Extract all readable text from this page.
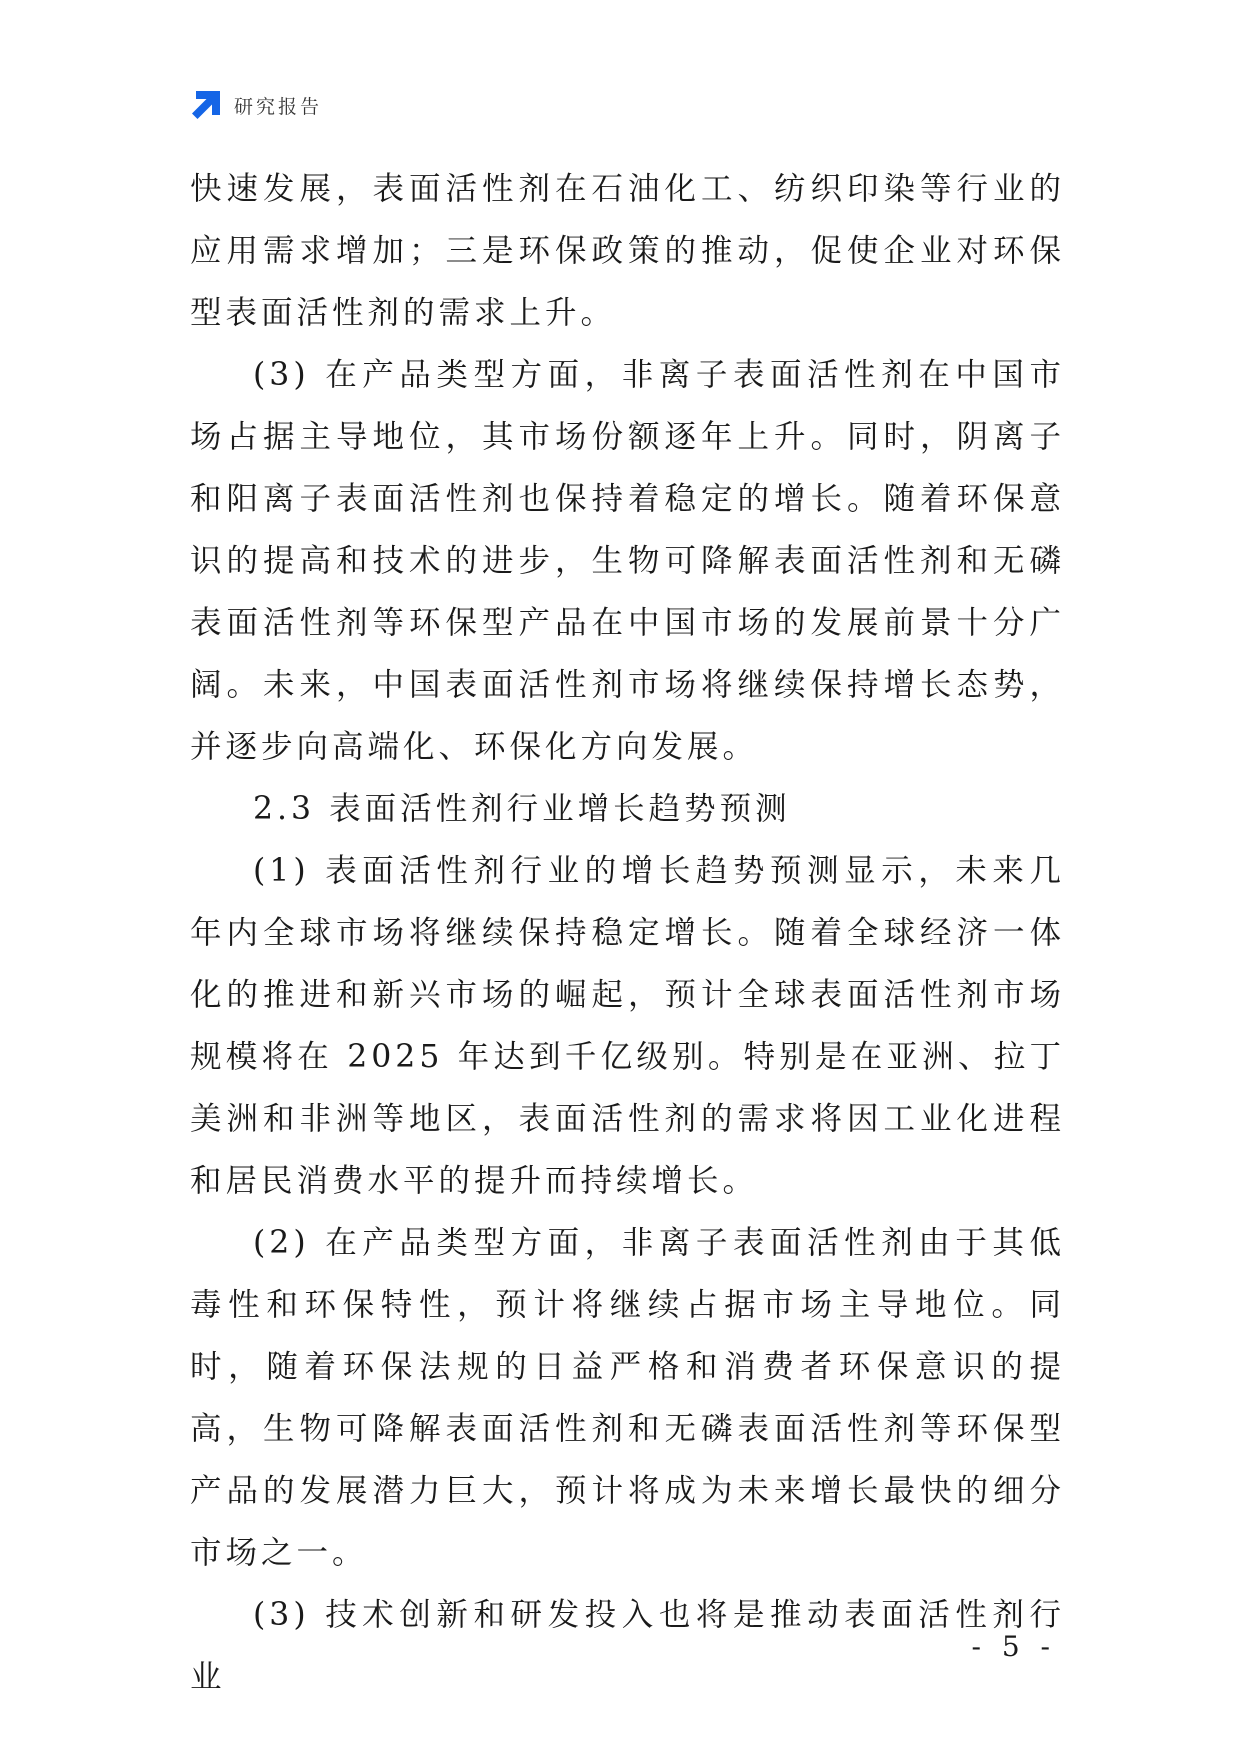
研究报告

快速发展，表面活性剂在石油化工、纺织印染等行业的应用需求增加；三是环保政策的推动，促使企业对环保型表面活性剂的需求上升。

(3) 在产品类型方面，非离子表面活性剂在中国市场占据主导地位，其市场份额逐年上升。同时，阴离子和阳离子表面活性剂也保持着稳定的增长。随着环保意识的提高和技术的进步，生物可降解表面活性剂和无磷表面活性剂等环保型产品在中国市场的发展前景十分广阔。未来，中国表面活性剂市场将继续保持增长态势，并逐步向高端化、环保化方向发展。

2.3 表面活性剂行业增长趋势预测

(1) 表面活性剂行业的增长趋势预测显示，未来几年内全球市场将继续保持稳定增长。随着全球经济一体化的推进和新兴市场的崛起，预计全球表面活性剂市场规模将在 2025 年达到千亿级别。特别是在亚洲、拉丁美洲和非洲等地区，表面活性剂的需求将因工业化进程和居民消费水平的提升而持续增长。

(2) 在产品类型方面，非离子表面活性剂由于其低毒性和环保特性，预计将继续占据市场主导地位。同时，随着环保法规的日益严格和消费者环保意识的提高，生物可降解表面活性剂和无磷表面活性剂等环保型产品的发展潜力巨大，预计将成为未来增长最快的细分市场之一。

(3) 技术创新和研发投入也将是推动表面活性剂行业

- 5 -
